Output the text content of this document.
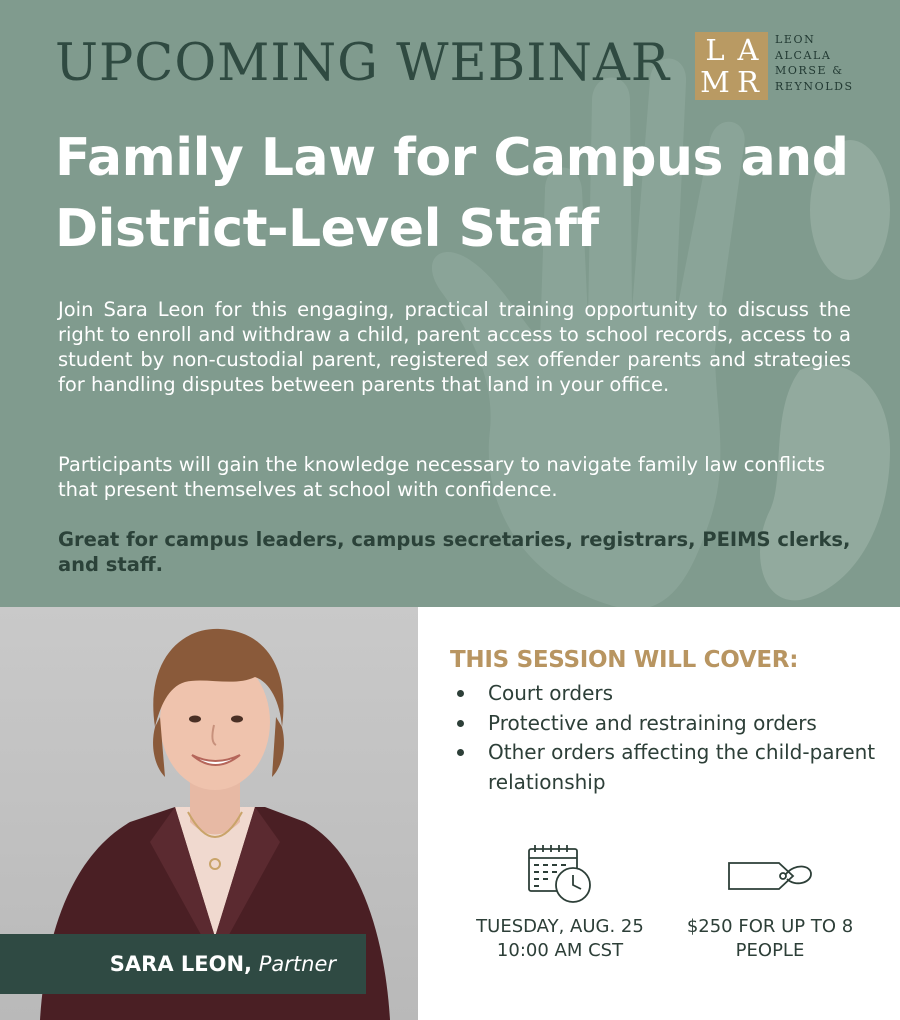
UPCOMING WEBINAR L A
M R
LEON
ALCALA
MORSE &
REYNOLDS
Family Law for Campus and District-Level Staff

Join Sara Leon for this engaging, practical training opportunity to discuss the right to enroll and withdraw a child, parent access to school records, access to a student by non-custodial parent, registered sex offender parents and strategies for handling disputes between parents that land in your office.

Participants will gain the knowledge necessary to navigate family law conflicts that present themselves at school with confidence.

Great for campus leaders, campus secretaries, registrars, PEIMS clerks, and staff.

SARA LEON, Partner
THIS SESSION WILL COVER:
Court orders
Protective and restraining orders
Other orders affecting the child-parent relationship
TUESDAY, AUG. 25
10:00 AM CST
$250 FOR UP TO 8
PEOPLE
